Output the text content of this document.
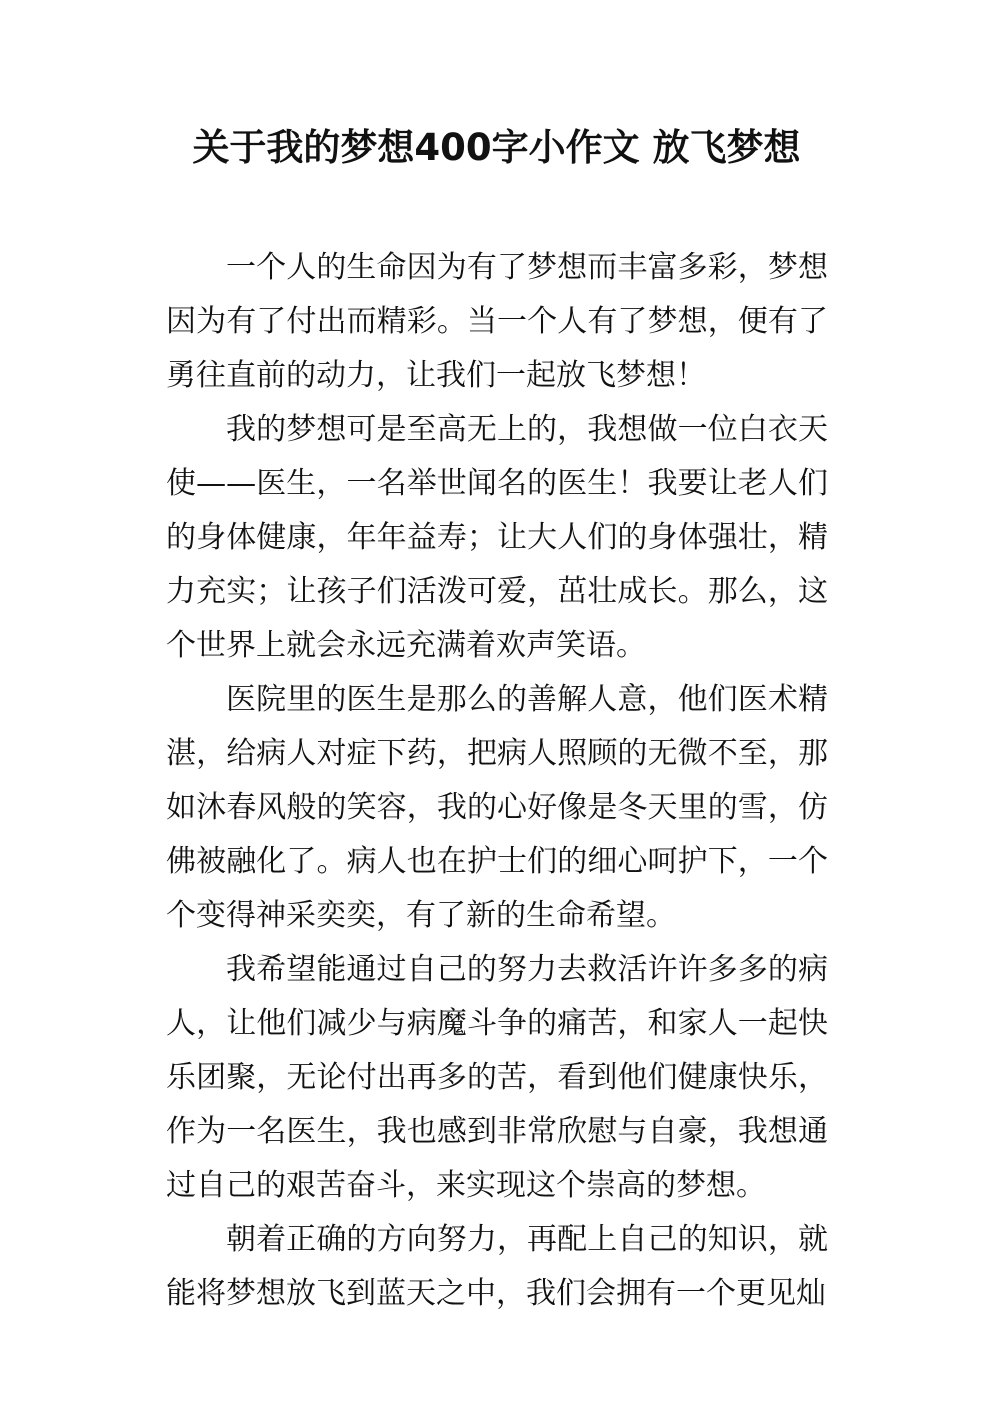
关于我的梦想400字小作文 放飞梦想

一个人的生命因为有了梦想而丰富多彩，梦想因为有了付出而精彩。当一个人有了梦想，便有了勇往直前的动力，让我们一起放飞梦想！

我的梦想可是至高无上的，我想做一位白衣天使——医生，一名举世闻名的医生！我要让老人们的身体健康，年年益寿；让大人们的身体强壮，精力充实；让孩子们活泼可爱，茁壮成长。那么，这个世界上就会永远充满着欢声笑语。

医院里的医生是那么的善解人意，他们医术精湛，给病人对症下药，把病人照顾的无微不至，那如沐春风般的笑容，我的心好像是冬天里的雪，仿佛被融化了。病人也在护士们的细心呵护下，一个个变得神采奕奕，有了新的生命希望。

我希望能通过自己的努力去救活许许多多的病人，让他们减少与病魔斗争的痛苦，和家人一起快乐团聚，无论付出再多的苦，看到他们健康快乐，作为一名医生，我也感到非常欣慰与自豪，我想通过自己的艰苦奋斗，来实现这个崇高的梦想。

朝着正确的方向努力，再配上自己的知识，就能将梦想放飞到蓝天之中，我们会拥有一个更见灿
